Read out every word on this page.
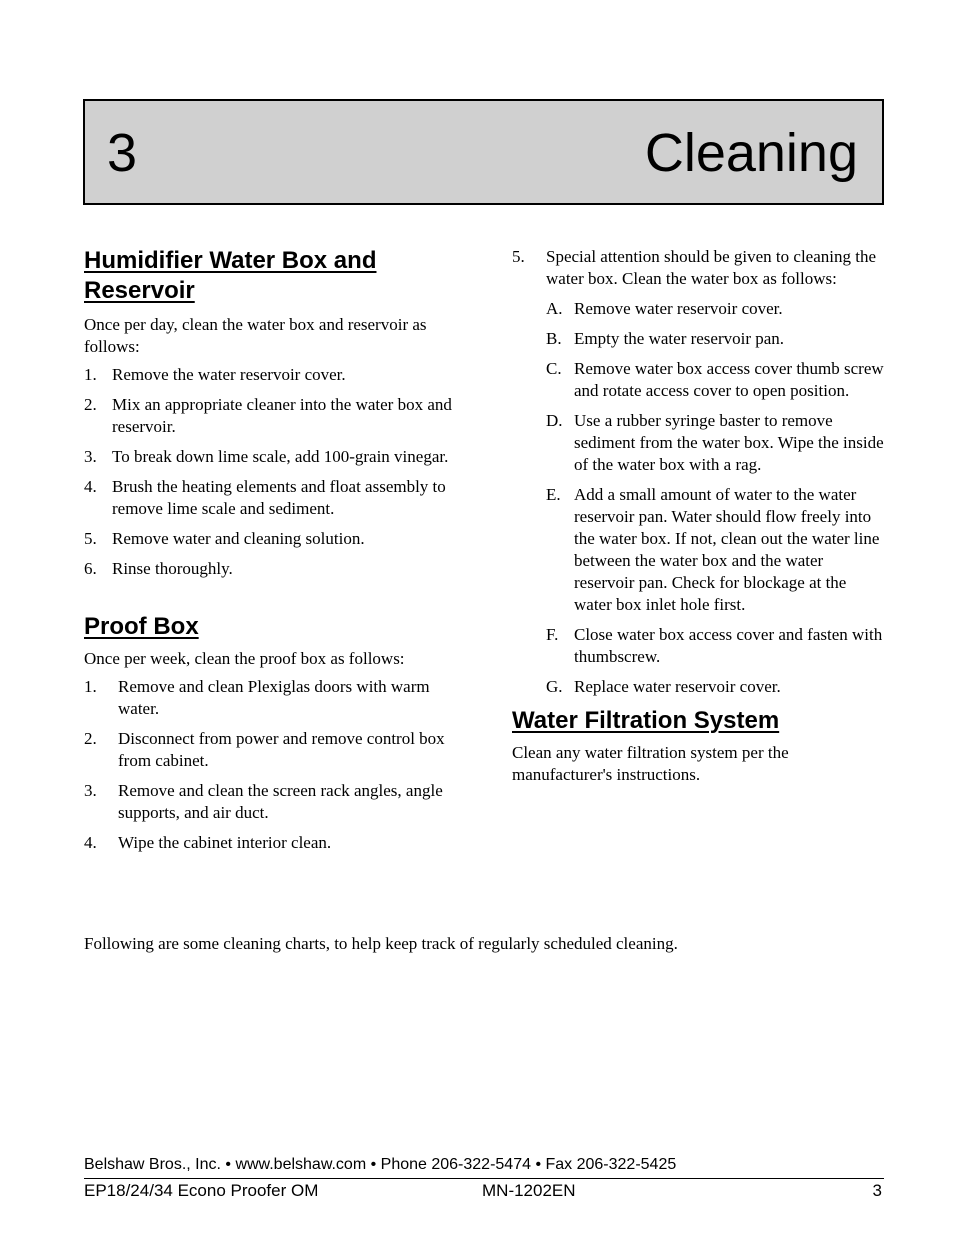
3	Cleaning
Humidifier Water Box and
Reservoir

Once per day, clean the water box and reservoir as follows:

1. Remove the water reservoir cover.
2. Mix an appropriate cleaner into the water box and reservoir.
3. To break down lime scale, add 100-grain vinegar.
4. Brush the heating elements and float assembly to remove lime scale and sediment.
5. Remove water and cleaning solution.
6. Rinse thoroughly.
Proof Box

Once per week, clean the proof box as follows:

1. Remove and clean Plexiglas doors with warm water.
2. Disconnect from power and remove control box from cabinet.
3. Remove and clean the screen rack angles, angle supports, and air duct.
4. Wipe the cabinet interior clean.
5. Special attention should be given to cleaning the water box. Clean the water box as follows:
A. Remove water reservoir cover.
B. Empty the water reservoir pan.
C. Remove water box access cover thumb screw and rotate access cover to open position.
D. Use a rubber syringe baster to remove sediment from the water box. Wipe the inside of the water box with a rag.
E. Add a small amount of water to the water reservoir pan. Water should flow freely into the water box. If not, clean out the water line between the water box and the water reservoir pan. Check for blockage at the water box inlet hole first.
F. Close water box access cover and fasten with thumbscrew.
G. Replace water reservoir cover.
Water Filtration System

Clean any water filtration system per the manufacturer's instructions.

Following are some cleaning charts, to help keep track of regularly scheduled cleaning.
Belshaw Bros., Inc. • www.belshaw.com • Phone 206-322-5474 • Fax 206-322-5425
EP18/24/34 Econo Proofer OM	MN-1202EN	3
